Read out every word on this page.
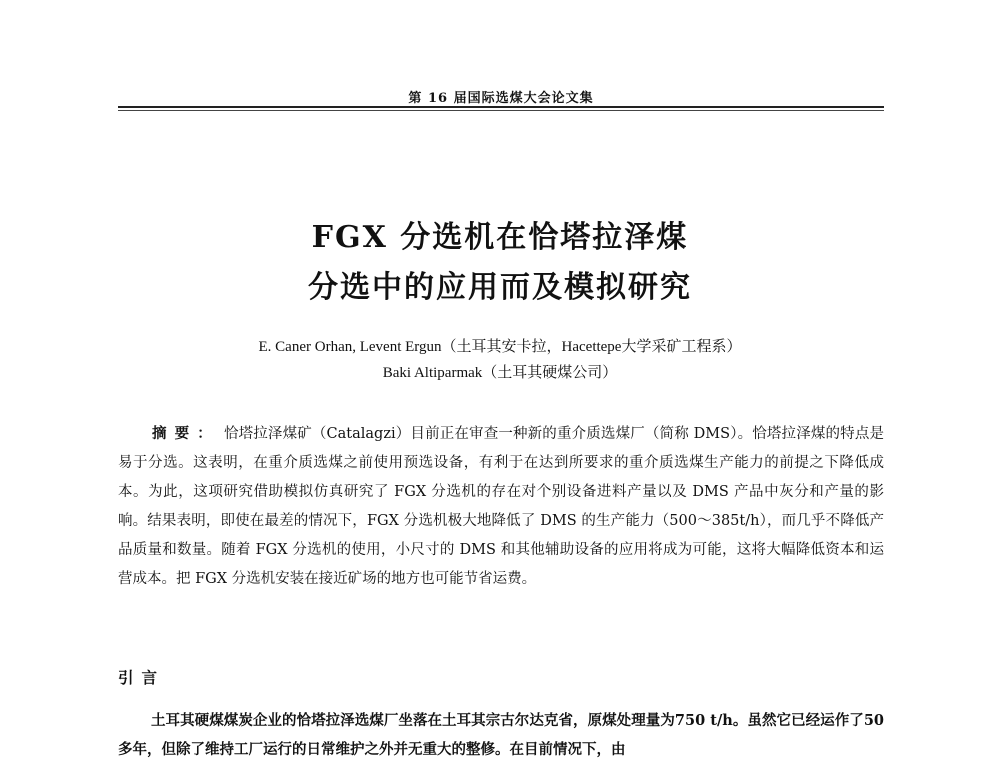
第 16 届国际选煤大会论文集
FGX 分选机在恰塔拉泽煤
分选中的应用而及模拟研究
E. Caner Orhan, Levent Ergun（土耳其安卡拉，Hacettepe大学采矿工程系）
Baki Altiparmak（土耳其硬煤公司）
摘要： 恰塔拉泽煤矿（Catalagzi）目前正在审查一种新的重介质选煤厂（简称 DMS）。恰塔拉泽煤的特点是易于分选。这表明，在重介质选煤之前使用预选设备，有利于在达到所要求的重介质选煤生产能力的前提之下降低成本。为此，这项研究借助模拟仿真研究了 FGX 分选机的存在对个别设备进料产量以及 DMS 产品中灰分和产量的影响。结果表明，即使在最差的情况下，FGX 分选机极大地降低了 DMS 的生产能力（500～385t/h），而几乎不降低产品质量和数量。随着 FGX 分选机的使用，小尺寸的 DMS 和其他辅助设备的应用将成为可能，这将大幅降低资本和运营成本。把 FGX 分选机安装在接近矿场的地方也可能节省运费。
引言
土耳其硬煤煤炭企业的恰塔拉泽选煤厂坐落在土耳其宗古尔达克省，原煤处理量为750 t/h。虽然它已经运作了50多年，但除了维持工厂运行的日常维护之外并无重大的整修。在目前情况下，由
